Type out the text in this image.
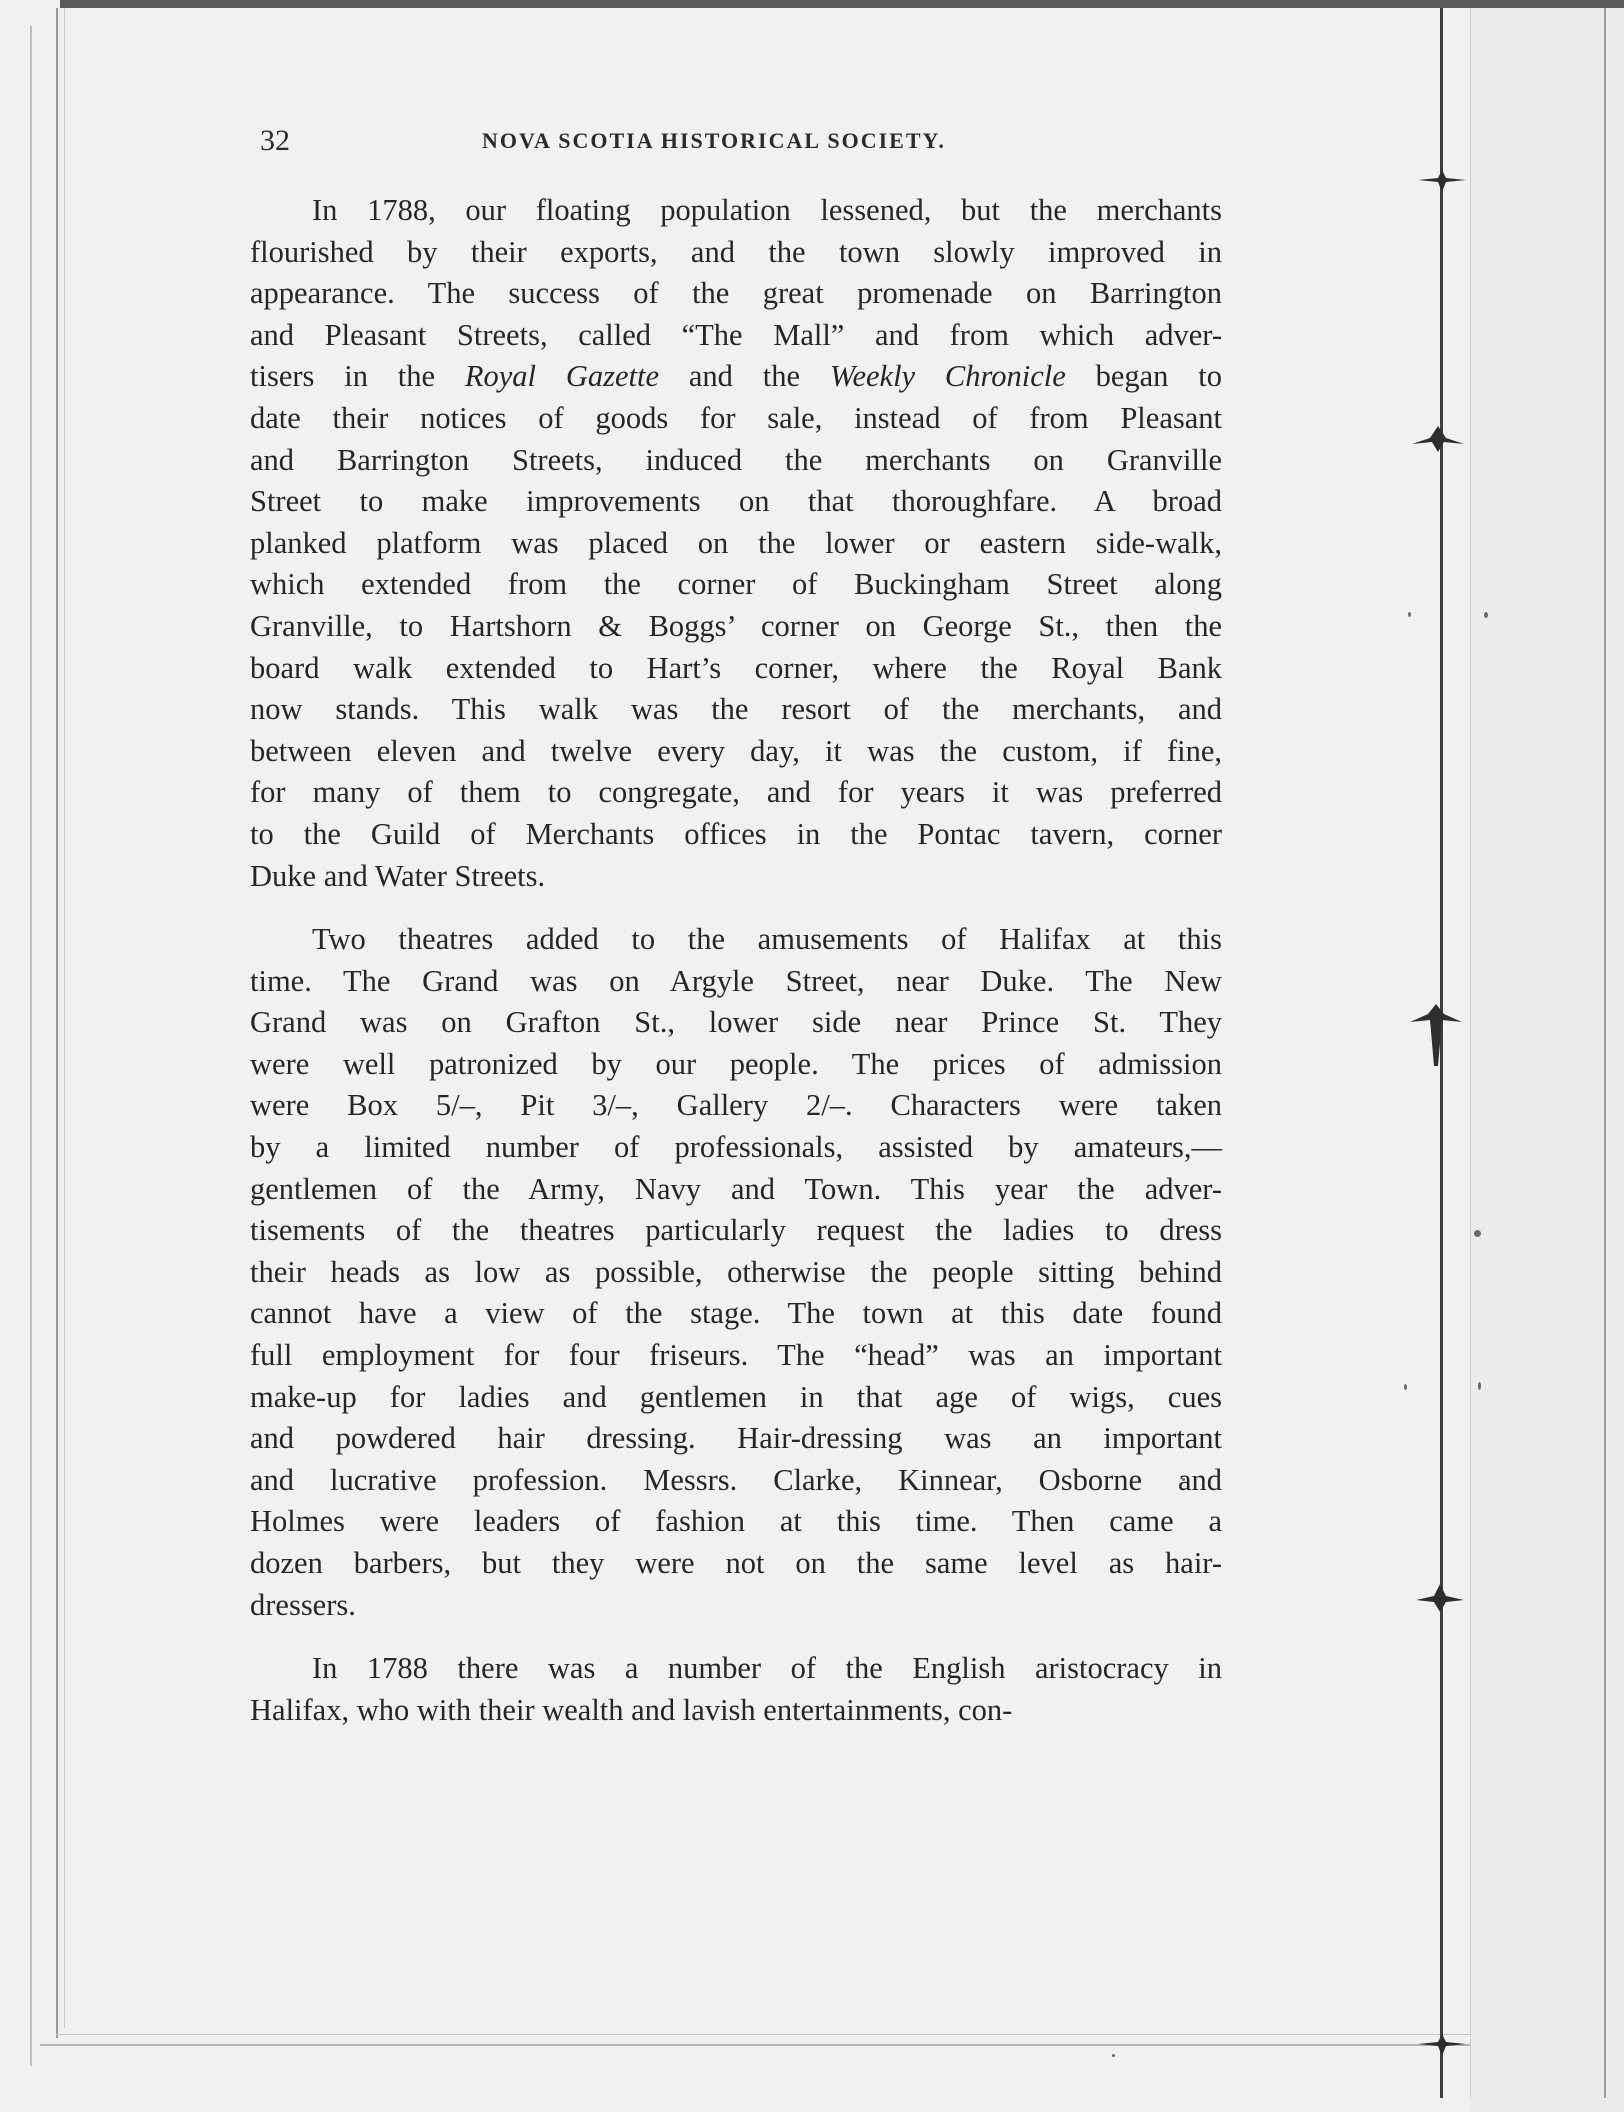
32	NOVA SCOTIA HISTORICAL SOCIETY.
In 1788, our floating population lessened, but the merchants
flourished by their exports, and the town slowly improved in
appearance. The success of the great promenade on Barrington
and Pleasant Streets, called “The Mall” and from which adver-
tisers in the Royal Gazette and the Weekly Chronicle began to
date their notices of goods for sale, instead of from Pleasant
and Barrington Streets, induced the merchants on Granville
Street to make improvements on that thoroughfare. A broad
planked platform was placed on the lower or eastern side-walk,
which extended from the corner of Buckingham Street along
Granville, to Hartshorn & Boggs’ corner on George St., then the
board walk extended to Hart’s corner, where the Royal Bank
now stands. This walk was the resort of the merchants, and
between eleven and twelve every day, it was the custom, if fine,
for many of them to congregate, and for years it was preferred
to the Guild of Merchants offices in the Pontac tavern, corner
Duke and Water Streets.
Two theatres added to the amusements of Halifax at this
time. The Grand was on Argyle Street, near Duke. The New
Grand was on Grafton St., lower side near Prince St. They
were well patronized by our people. The prices of admission
were Box 5/–, Pit 3/–, Gallery 2/–. Characters were taken
by a limited number of professionals, assisted by amateurs,—
gentlemen of the Army, Navy and Town. This year the adver-
tisements of the theatres particularly request the ladies to dress
their heads as low as possible, otherwise the people sitting behind
cannot have a view of the stage. The town at this date found
full employment for four friseurs. The “head” was an important
make-up for ladies and gentlemen in that age of wigs, cues
and powdered hair dressing. Hair-dressing was an important
and lucrative profession. Messrs. Clarke, Kinnear, Osborne and
Holmes were leaders of fashion at this time. Then came a
dozen barbers, but they were not on the same level as hair-
dressers.
In 1788 there was a number of the English aristocracy in
Halifax, who with their wealth and lavish entertainments, con-
